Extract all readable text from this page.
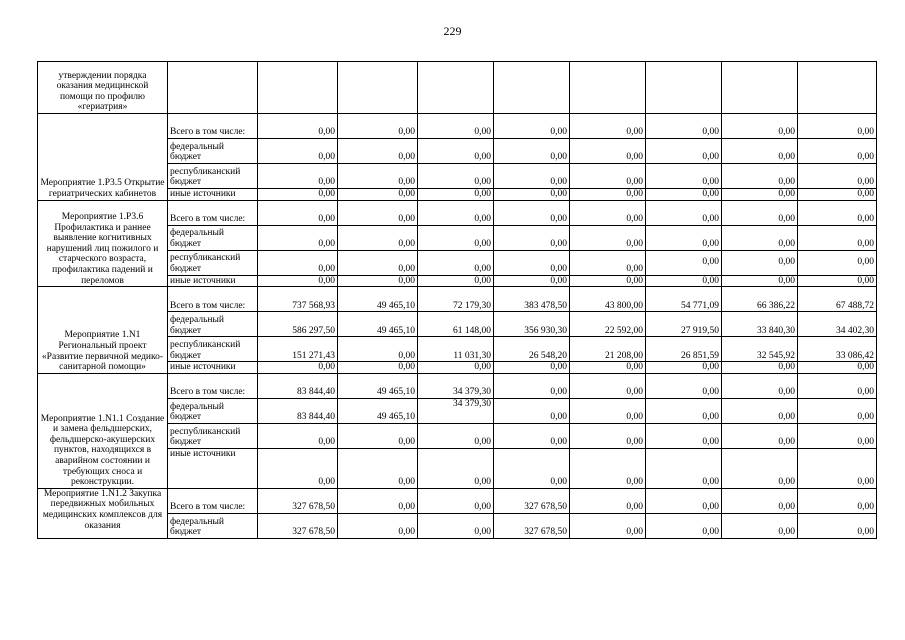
229
утверждении порядка оказания медицинской помощи по профилю «гериатрия»									
Мероприятие 1.Р3.5 Открытие гериатрических кабинетов	Всего в том числе:	0,00	0,00	0,00	0,00	0,00	0,00	0,00	0,00
	федеральный бюджет	0,00	0,00	0,00	0,00	0,00	0,00	0,00	0,00
	республиканский бюджет	0,00	0,00	0,00	0,00	0,00	0,00	0,00	0,00
	иные источники	0,00	0,00	0,00	0,00	0,00	0,00	0,00	0,00
Мероприятие 1.Р3.6 Профилактика и раннее выявление когнитивных нарушений лиц пожилого и старческого возраста, профилактика падений и переломов	Всего в том числе:	0,00	0,00	0,00	0,00	0,00	0,00	0,00	0,00
	федеральный бюджет	0,00	0,00	0,00	0,00	0,00	0,00	0,00	0,00
	республиканский бюджет	0,00	0,00	0,00	0,00	0,00	0,00	0,00	0,00
	иные источники	0,00	0,00	0,00	0,00	0,00	0,00	0,00	0,00
Мероприятие 1.N1 Региональный проект «Развитие первичной медико-санитарной помощи»	Всего в том числе:	737 568,93	49 465,10	72 179,30	383 478,50	43 800,00	54 771,09	66 386,22	67 488,72
	федеральный бюджет	586 297,50	49 465,10	61 148,00	356 930,30	22 592,00	27 919,50	33 840,30	34 402,30
	республиканский бюджет	151 271,43	0,00	11 031,30	26 548,20	21 208,00	26 851,59	32 545,92	33 086,42
	иные источники	0,00	0,00	0,00	0,00	0,00	0,00	0,00	0,00
Мероприятие 1.N1.1 Создание и замена фельдшерских, фельдшерско-акушерских пунктов, находящихся в аварийном состоянии и требующих сноса и реконструкции.	Всего в том числе:	83 844,40	49 465,10	34 379,30	0,00	0,00	0,00	0,00	0,00
	федеральный бюджет	83 844,40	49 465,10	34 379,30	0,00	0,00	0,00	0,00	0,00
	республиканский бюджет	0,00	0,00	0,00	0,00	0,00	0,00	0,00	0,00
	иные источники	0,00	0,00	0,00	0,00	0,00	0,00	0,00	0,00
Мероприятие 1.N1.2 Закупка передвижных мобильных медицинских комплексов для оказания	Всего в том числе:	327 678,50	0,00	0,00	327 678,50	0,00	0,00	0,00	0,00
	федеральный бюджет	327 678,50	0,00	0,00	327 678,50	0,00	0,00	0,00	0,00
